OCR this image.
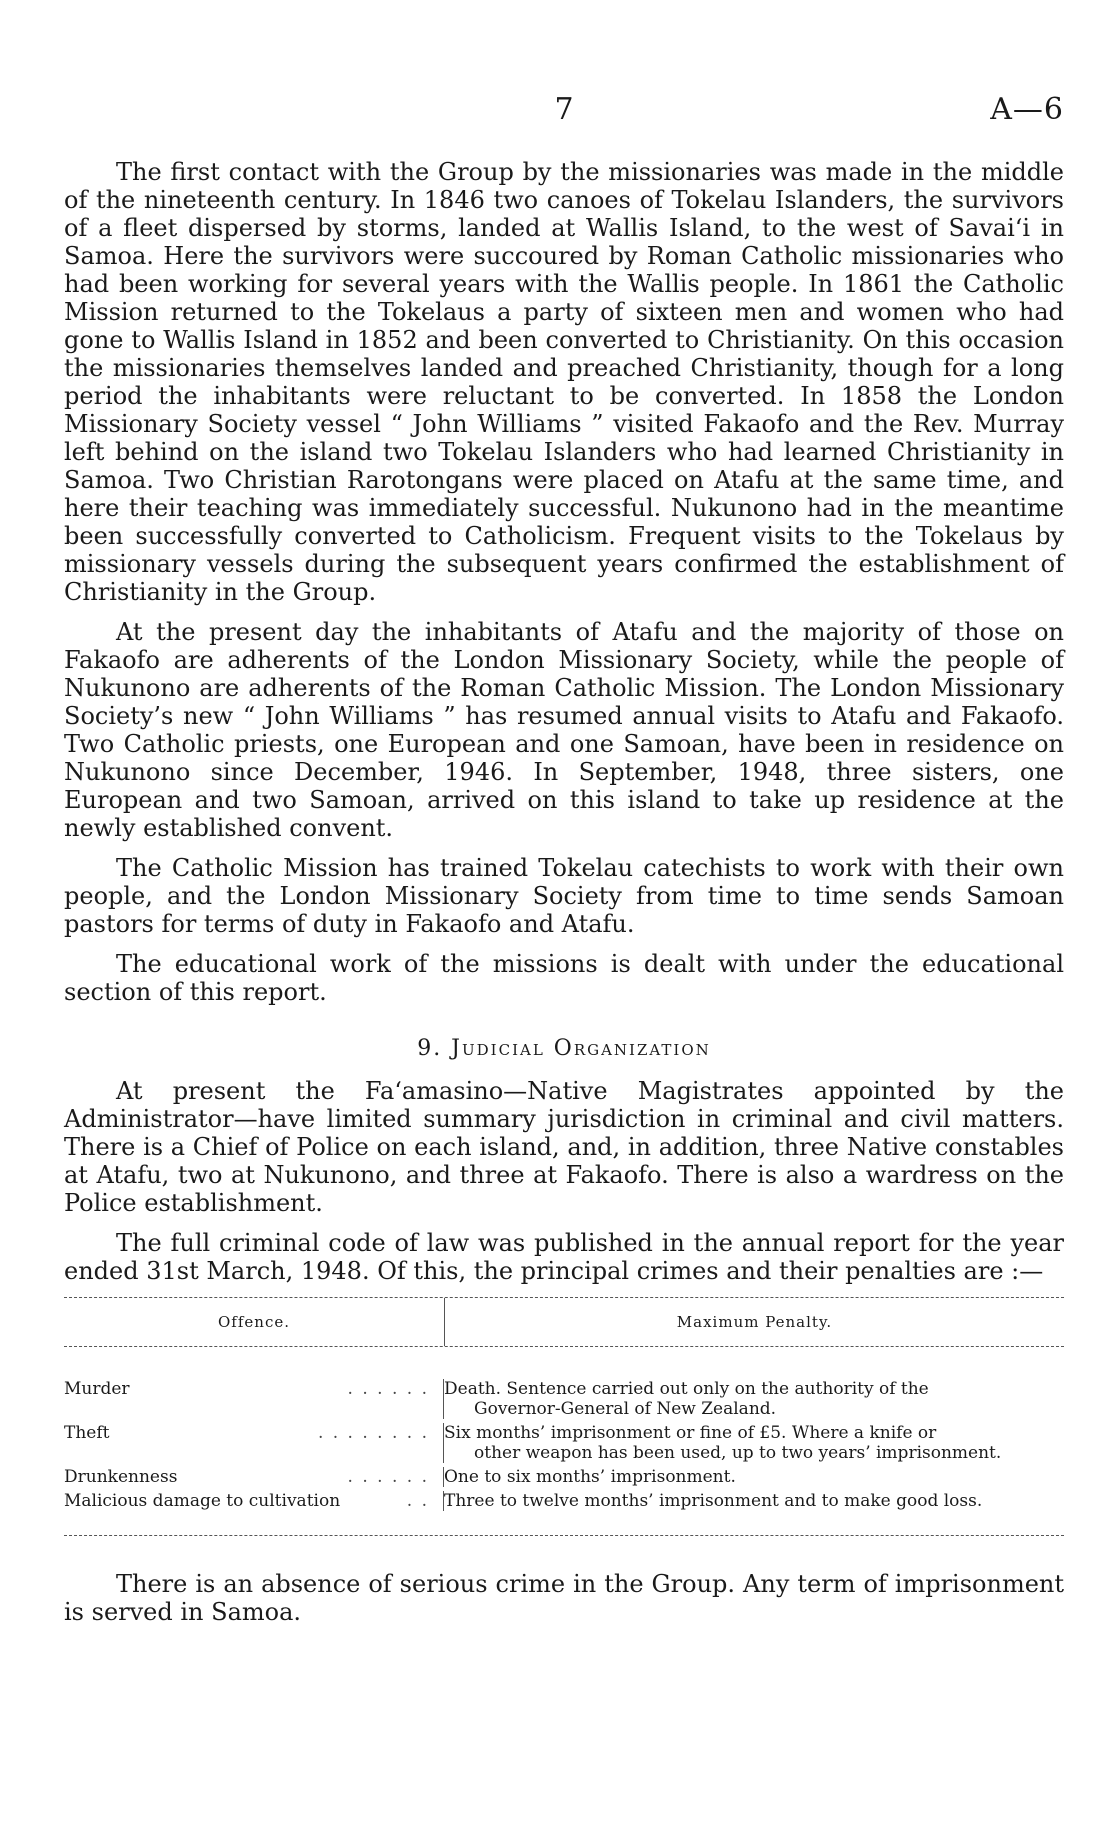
7	A—6

The first contact with the Group by the missionaries was made in the middle of the nineteenth century. In 1846 two canoes of Tokelau Islanders, the survivors of a fleet dispersed by storms, landed at Wallis Island, to the west of Savai‘i in Samoa. Here the survivors were succoured by Roman Catholic missionaries who had been working for several years with the Wallis people. In 1861 the Catholic Mission returned to the Tokelaus a party of sixteen men and women who had gone to Wallis Island in 1852 and been converted to Christianity. On this occasion the missionaries themselves landed and preached Christianity, though for a long period the inhabitants were reluctant to be converted. In 1858 the London Missionary Society vessel “ John Williams ” visited Fakaofo and the Rev. Murray left behind on the island two Tokelau Islanders who had learned Christianity in Samoa. Two Christian Rarotongans were placed on Atafu at the same time, and here their teaching was immediately successful. Nukunono had in the meantime been successfully converted to Catholicism. Frequent visits to the Tokelaus by missionary vessels during the subsequent years confirmed the establishment of Christianity in the Group.

At the present day the inhabitants of Atafu and the majority of those on Fakaofo are adherents of the London Missionary Society, while the people of Nukunono are adherents of the Roman Catholic Mission. The London Missionary Society’s new “ John Williams ” has resumed annual visits to Atafu and Fakaofo. Two Catholic priests, one European and one Samoan, have been in residence on Nukunono since December, 1946. In September, 1948, three sisters, one European and two Samoan, arrived on this island to take up residence at the newly established convent.

The Catholic Mission has trained Tokelau catechists to work with their own people, and the London Missionary Society from time to time sends Samoan pastors for terms of duty in Fakaofo and Atafu.

The educational work of the missions is dealt with under the educational section of this report.

9. Judicial Organization

At present the Fa‘amasino—Native Magistrates appointed by the Administrator—have limited summary jurisdiction in criminal and civil matters. There is a Chief of Police on each island, and, in addition, three Native constables at Atafu, two at Nukunono, and three at Fakaofo. There is also a wardress on the Police establishment.

The full criminal code of law was published in the annual report for the year ended 31st March, 1948. Of this, the principal crimes and their penalties are :—

Offence.	Maximum Penalty.
Murder	. . . . . . Death. Sentence carried out only on the authority of the
Governor-General of New Zealand.
Theft	. . . . . . . . Six months’ imprisonment or fine of £5. Where a knife or
other weapon has been used, up to two years’ imprisonment.
Drunkenness	. . . . . . One to six months’ imprisonment.
Malicious damage to cultivation	. . Three to twelve months’ imprisonment and to make good loss.

There is an absence of serious crime in the Group. Any term of imprisonment is served in Samoa.
